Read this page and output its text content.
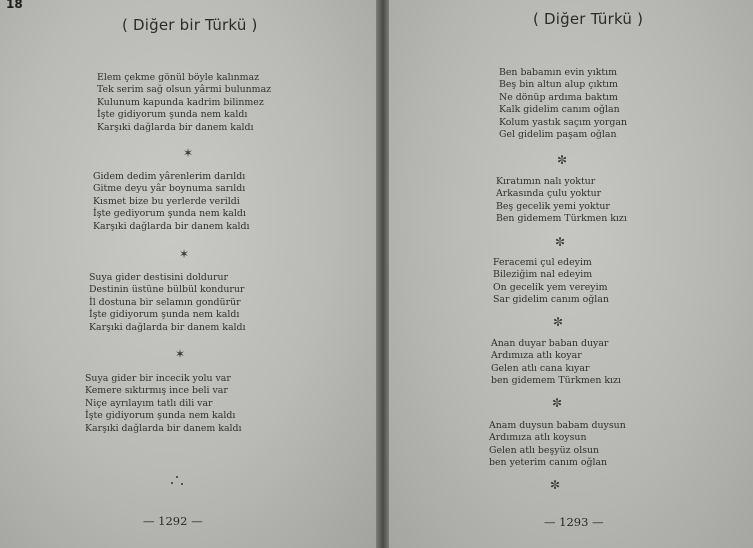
18
( Diğer bir Türkü )
Elem çekme gönül böyle kalınmaz
Tek serim sağ olsun yârmi bulunmaz
Kulunum kapunda kadrim bilinmez
İşte gidiyorum şunda nem kaldı
Karşıki dağlarda bir danem kaldı
✶
Gidem dedim yârenlerim darıldı
Gitme deyu yâr boynuma sarıldı
Kısmet bize bu yerlerde verildi
İşte gediyorum şunda nem kaldı
Karşıki dağlarda bir danem kaldı
✶
Suya gider destisini doldurur
Destinin üstüne bülbül kondurur
İl dostuna bir selamın gondürür
İşte gidiyorum şunda nem kaldı
Karşıki dağlarda bir danem kaldı
✶
Suya gider bir incecik yolu var
Kemere sıktırmış ince beli var
Niçe ayrılayım tatlı dili var
İşte gidiyorum şunda nem kaldı
Karşıki dağlarda bir danem kaldı
— 1292 —
( Diğer Türkü )
Ben babamın evin yıktım
Beş bin altun alup çıktım
Ne dönüp ardıma baktım
Kalk gidelim canım oğlan
Kolum yastık saçım yorgan
Gel gidelim paşam oğlan
✼
Kıratımın nalı yoktur
Arkasında çulu yoktur
Beş gecelik yemi yoktur
Ben gidemem Türkmen kızı
✼
Feracemi çul edeyim
Bileziğim nal edeyim
On gecelik yem vereyim
Sar gidelim canım oğlan
✼
Anan duyar baban duyar
Ardımıza atlı koyar
Gelen atlı cana kıyar
ben gidemem Türkmen kızı
✼
Anam duysun babam duysun
Ardımıza atlı koysun
Gelen atlı beşyüz olsun
ben yeterim canım oğlan
✼
— 1293 —
